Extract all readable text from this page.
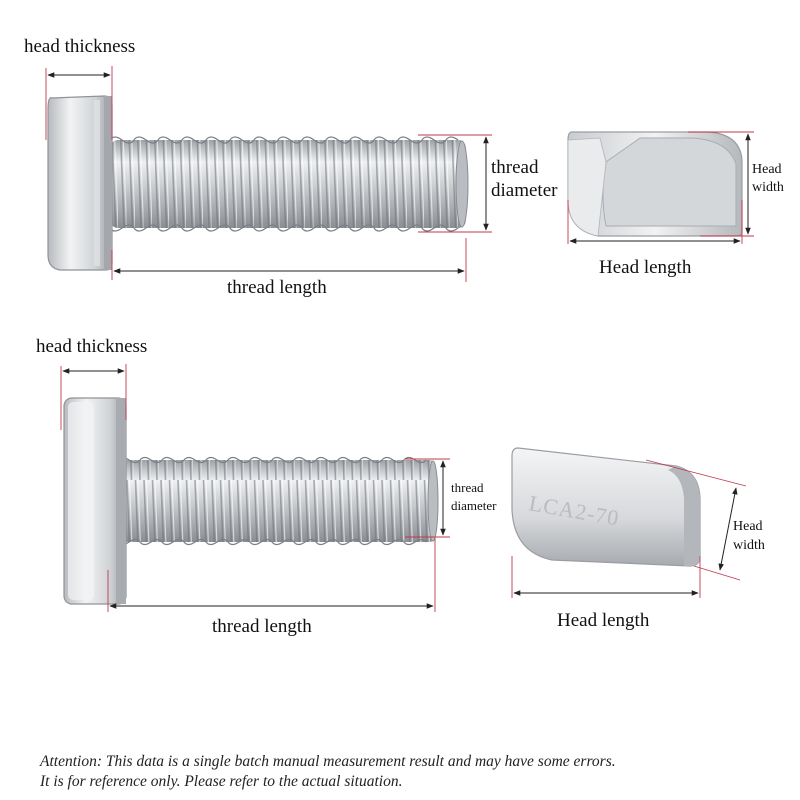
LCA2-70
head thickness
thread
diameter
thread length
Head
width
Head length
head thickness
thread
diameter
thread length
Head
width
Head length
Attention: This data is a single batch manual measurement result and may have some errors.
It is for reference only. Please refer to the actual situation.
